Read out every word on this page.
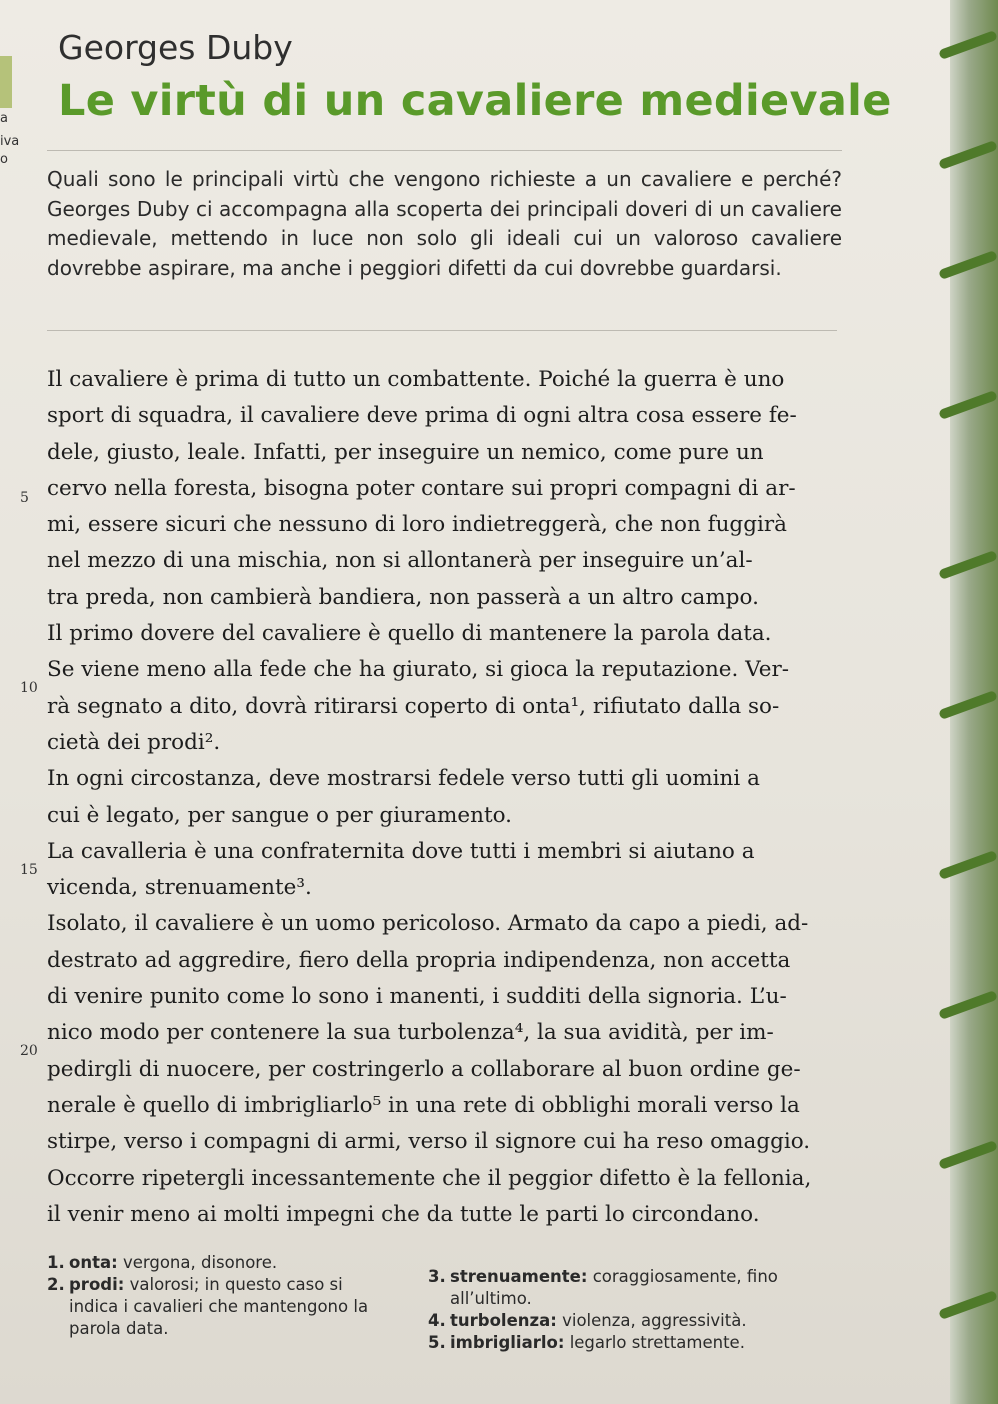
a
iva
o
Georges Duby
Le virtù di un cavaliere medievale
Quali sono le principali virtù che vengono richieste a un cavaliere e perché? Georges Duby ci accompagna alla scoperta dei principali doveri di un cavaliere medievale, mettendo in luce non solo gli ideali cui un valoroso cavaliere dovrebbe aspirare, ma anche i peggiori difetti da cui dovrebbe guardarsi.
5
10
15
20

Il cavaliere è prima di tutto un combattente. Poiché la guerra è uno

sport di squadra, il cavaliere deve prima di ogni altra cosa essere fe-

dele, giusto, leale. Infatti, per inseguire un nemico, come pure un

cervo nella foresta, bisogna poter contare sui propri compagni di ar-

mi, essere sicuri che nessuno di loro indietreggerà, che non fuggirà

nel mezzo di una mischia, non si allontanerà per inseguire un’al-

tra preda, non cambierà bandiera, non passerà a un altro campo.

Il primo dovere del cavaliere è quello di mantenere la parola data.

Se viene meno alla fede che ha giurato, si gioca la reputazione. Ver-

rà segnato a dito, dovrà ritirarsi coperto di onta¹, rifiutato dalla so-

cietà dei prodi².

In ogni circostanza, deve mostrarsi fedele verso tutti gli uomini a

cui è legato, per sangue o per giuramento.

La cavalleria è una confraternita dove tutti i membri si aiutano a

vicenda, strenuamente³.

Isolato, il cavaliere è un uomo pericoloso. Armato da capo a piedi, ad-

destrato ad aggredire, fiero della propria indipendenza, non accetta

di venire punito come lo sono i manenti, i sudditi della signoria. L’u-

nico modo per contenere la sua turbolenza⁴, la sua avidità, per im-

pedirgli di nuocere, per costringerlo a collaborare al buon ordine ge-

nerale è quello di imbrigliarlo⁵ in una rete di obblighi morali verso la

stirpe, verso i compagni di armi, verso il signore cui ha reso omaggio.

Occorre ripetergli incessantemente che il peggior difetto è la fellonia,

il venir meno ai molti impegni che da tutte le parti lo circondano.

1. onta: vergona, disonore.
2. prodi: valorosi; in questo caso si indica i cavalieri che mantengono la parola data.
3. strenuamente: coraggiosamente, fino all’ultimo.
4. turbolenza: violenza, aggressività.
5. imbrigliarlo: legarlo strettamente.
